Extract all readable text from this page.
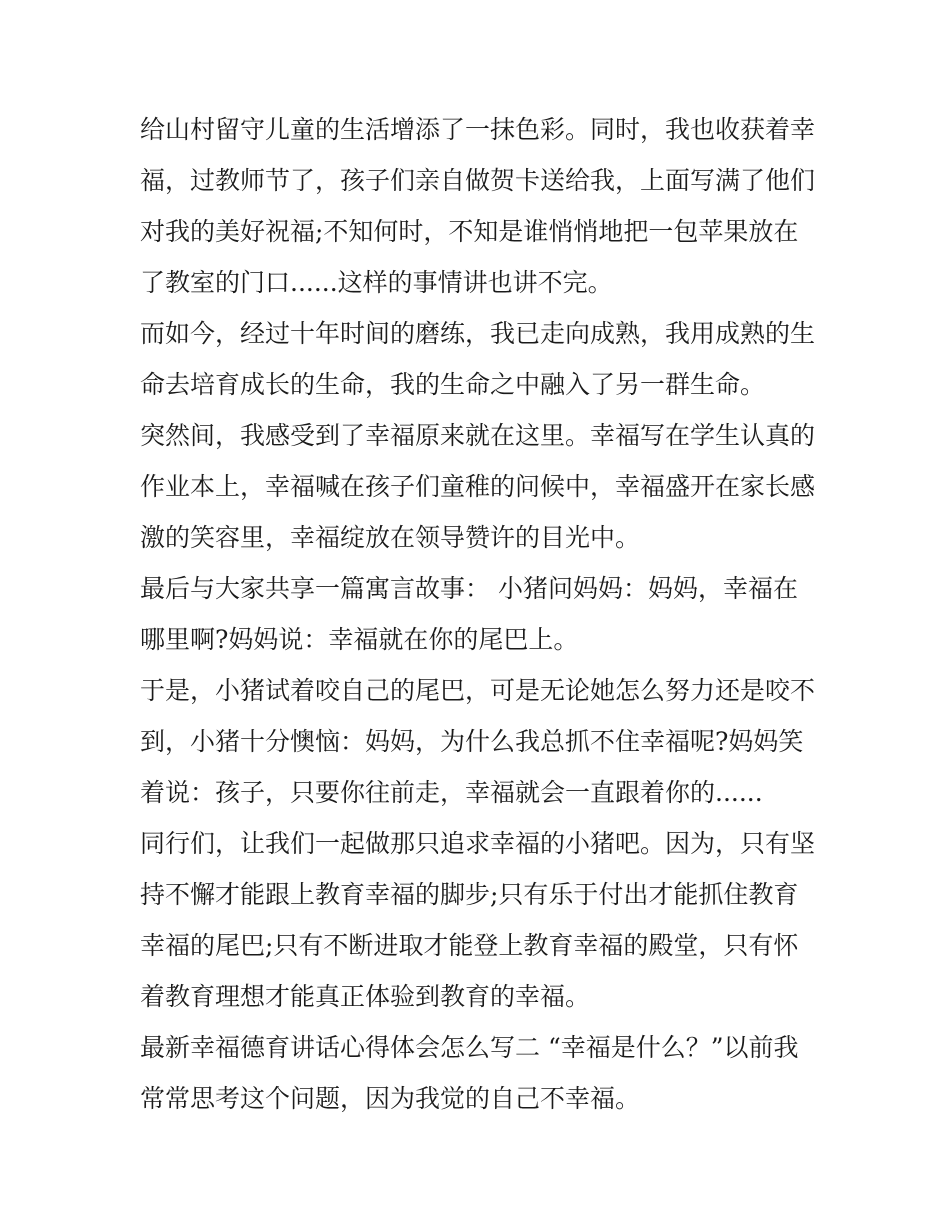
给山村留守儿童的生活增添了一抹色彩。同时，我也收获着幸
福，过教师节了，孩子们亲自做贺卡送给我，上面写满了他们
对我的美好祝福;不知何时，不知是谁悄悄地把一包苹果放在
了教室的门口......这样的事情讲也讲不完。
而如今，经过十年时间的磨练，我已走向成熟，我用成熟的生
命去培育成长的生命，我的生命之中融入了另一群生命。
突然间，我感受到了幸福原来就在这里。幸福写在学生认真的
作业本上，幸福喊在孩子们童稚的问候中，幸福盛开在家长感
激的笑容里，幸福绽放在领导赞许的目光中。
最后与大家共享一篇寓言故事： 小猪问妈妈：妈妈，幸福在
哪里啊?妈妈说：幸福就在你的尾巴上。
于是，小猪试着咬自己的尾巴，可是无论她怎么努力还是咬不
到，小猪十分懊恼：妈妈，为什么我总抓不住幸福呢?妈妈笑
着说：孩子，只要你往前走，幸福就会一直跟着你的......
同行们，让我们一起做那只追求幸福的小猪吧。因为，只有坚
持不懈才能跟上教育幸福的脚步;只有乐于付出才能抓住教育
幸福的尾巴;只有不断进取才能登上教育幸福的殿堂，只有怀
着教育理想才能真正体验到教育的幸福。
最新幸福德育讲话心得体会怎么写二 “幸福是什么？”以前我
常常思考这个问题，因为我觉的自己不幸福。
